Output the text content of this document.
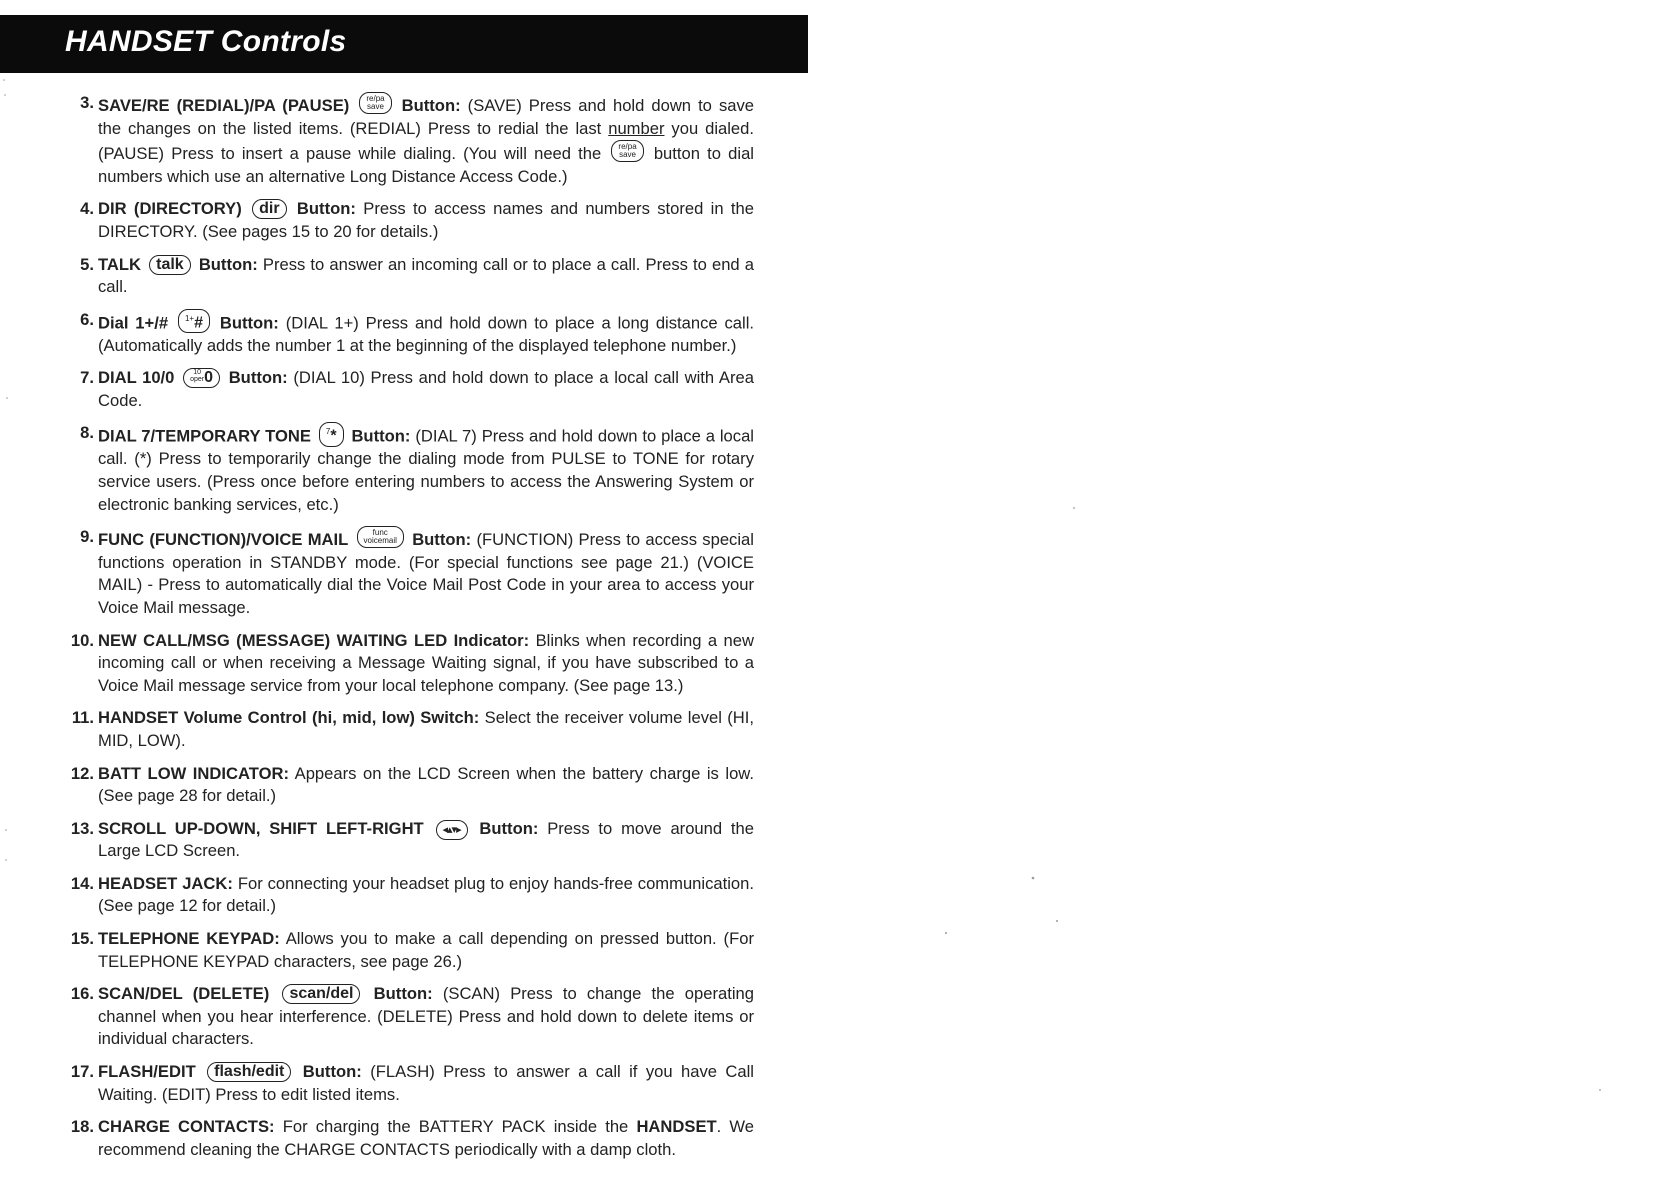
HANDSET Controls
3. SAVE/RE (REDIAL)/PA (PAUSE) re/pa
save Button: (SAVE) Press and hold down to save the changes on the listed items. (REDIAL) Press to redial the last number you dialed. (PAUSE) Press to insert a pause while dialing. (You will need the re/pa
save button to dial numbers which use an alternative Long Distance Access Code.)
4. DIR (DIRECTORY) dir Button: Press to access names and numbers stored in the DIRECTORY. (See pages 15 to 20 for details.)
5. TALK talk Button: Press to answer an incoming call or to place a call. Press to end a call.
6. Dial 1+/# $^{1+}$# Button: (DIAL 1+) Press and hold down to place a long distance call. (Automatically adds the number 1 at the beginning of the displayed telephone number.)
7. DIAL 10/0	10
oper 0 Button: (DIAL 10) Press and hold down to place a local call with Area Code.
8. DIAL 7/TEMPORARY TONE $^7$* Button: (DIAL 7) Press and hold down to place a local call. (*) Press to temporarily change the dialing mode from PULSE to TONE for rotary service users. (Press once before entering numbers to access the Answering System or electronic banking services, etc.)
9. FUNC (FUNCTION)/VOICE MAIL	func
voicemail Button: (FUNCTION) Press to access special functions operation in STANDBY mode. (For special functions see page 21.) (VOICE MAIL) - Press to automatically dial the Voice Mail Post Code in your area to access your Voice Mail message.
10. NEW CALL/MSG (MESSAGE) WAITING LED Indicator: Blinks when recording a new incoming call or when receiving a Message Waiting signal, if you have subscribed to a Voice Mail message service from your local telephone company. (See page 13.)
11. HANDSET Volume Control (hi, mid, low) Switch: Select the receiver volume level (HI, MID, LOW).
12. BATT LOW INDICATOR: Appears on the LCD Screen when the battery charge is low. (See page 28 for detail.)
13. SCROLL UP-DOWN, SHIFT LEFT-RIGHT ◂▴▾▸ Button: Press to move around the Large LCD Screen.
14. HEADSET JACK: For connecting your headset plug to enjoy hands-free communication. (See page 12 for detail.)
15. TELEPHONE KEYPAD: Allows you to make a call depending on pressed button. (For TELEPHONE KEYPAD characters, see page 26.)
16. SCAN/DEL (DELETE) scan/del Button: (SCAN) Press to change the operating channel when you hear interference. (DELETE) Press and hold down to delete items or individual characters.
17. FLASH/EDIT flash/edit Button: (FLASH) Press to answer a call if you have Call Waiting. (EDIT) Press to edit listed items.
18. CHARGE CONTACTS: For charging the BATTERY PACK inside the HANDSET. We recommend cleaning the CHARGE CONTACTS periodically with a damp cloth.
